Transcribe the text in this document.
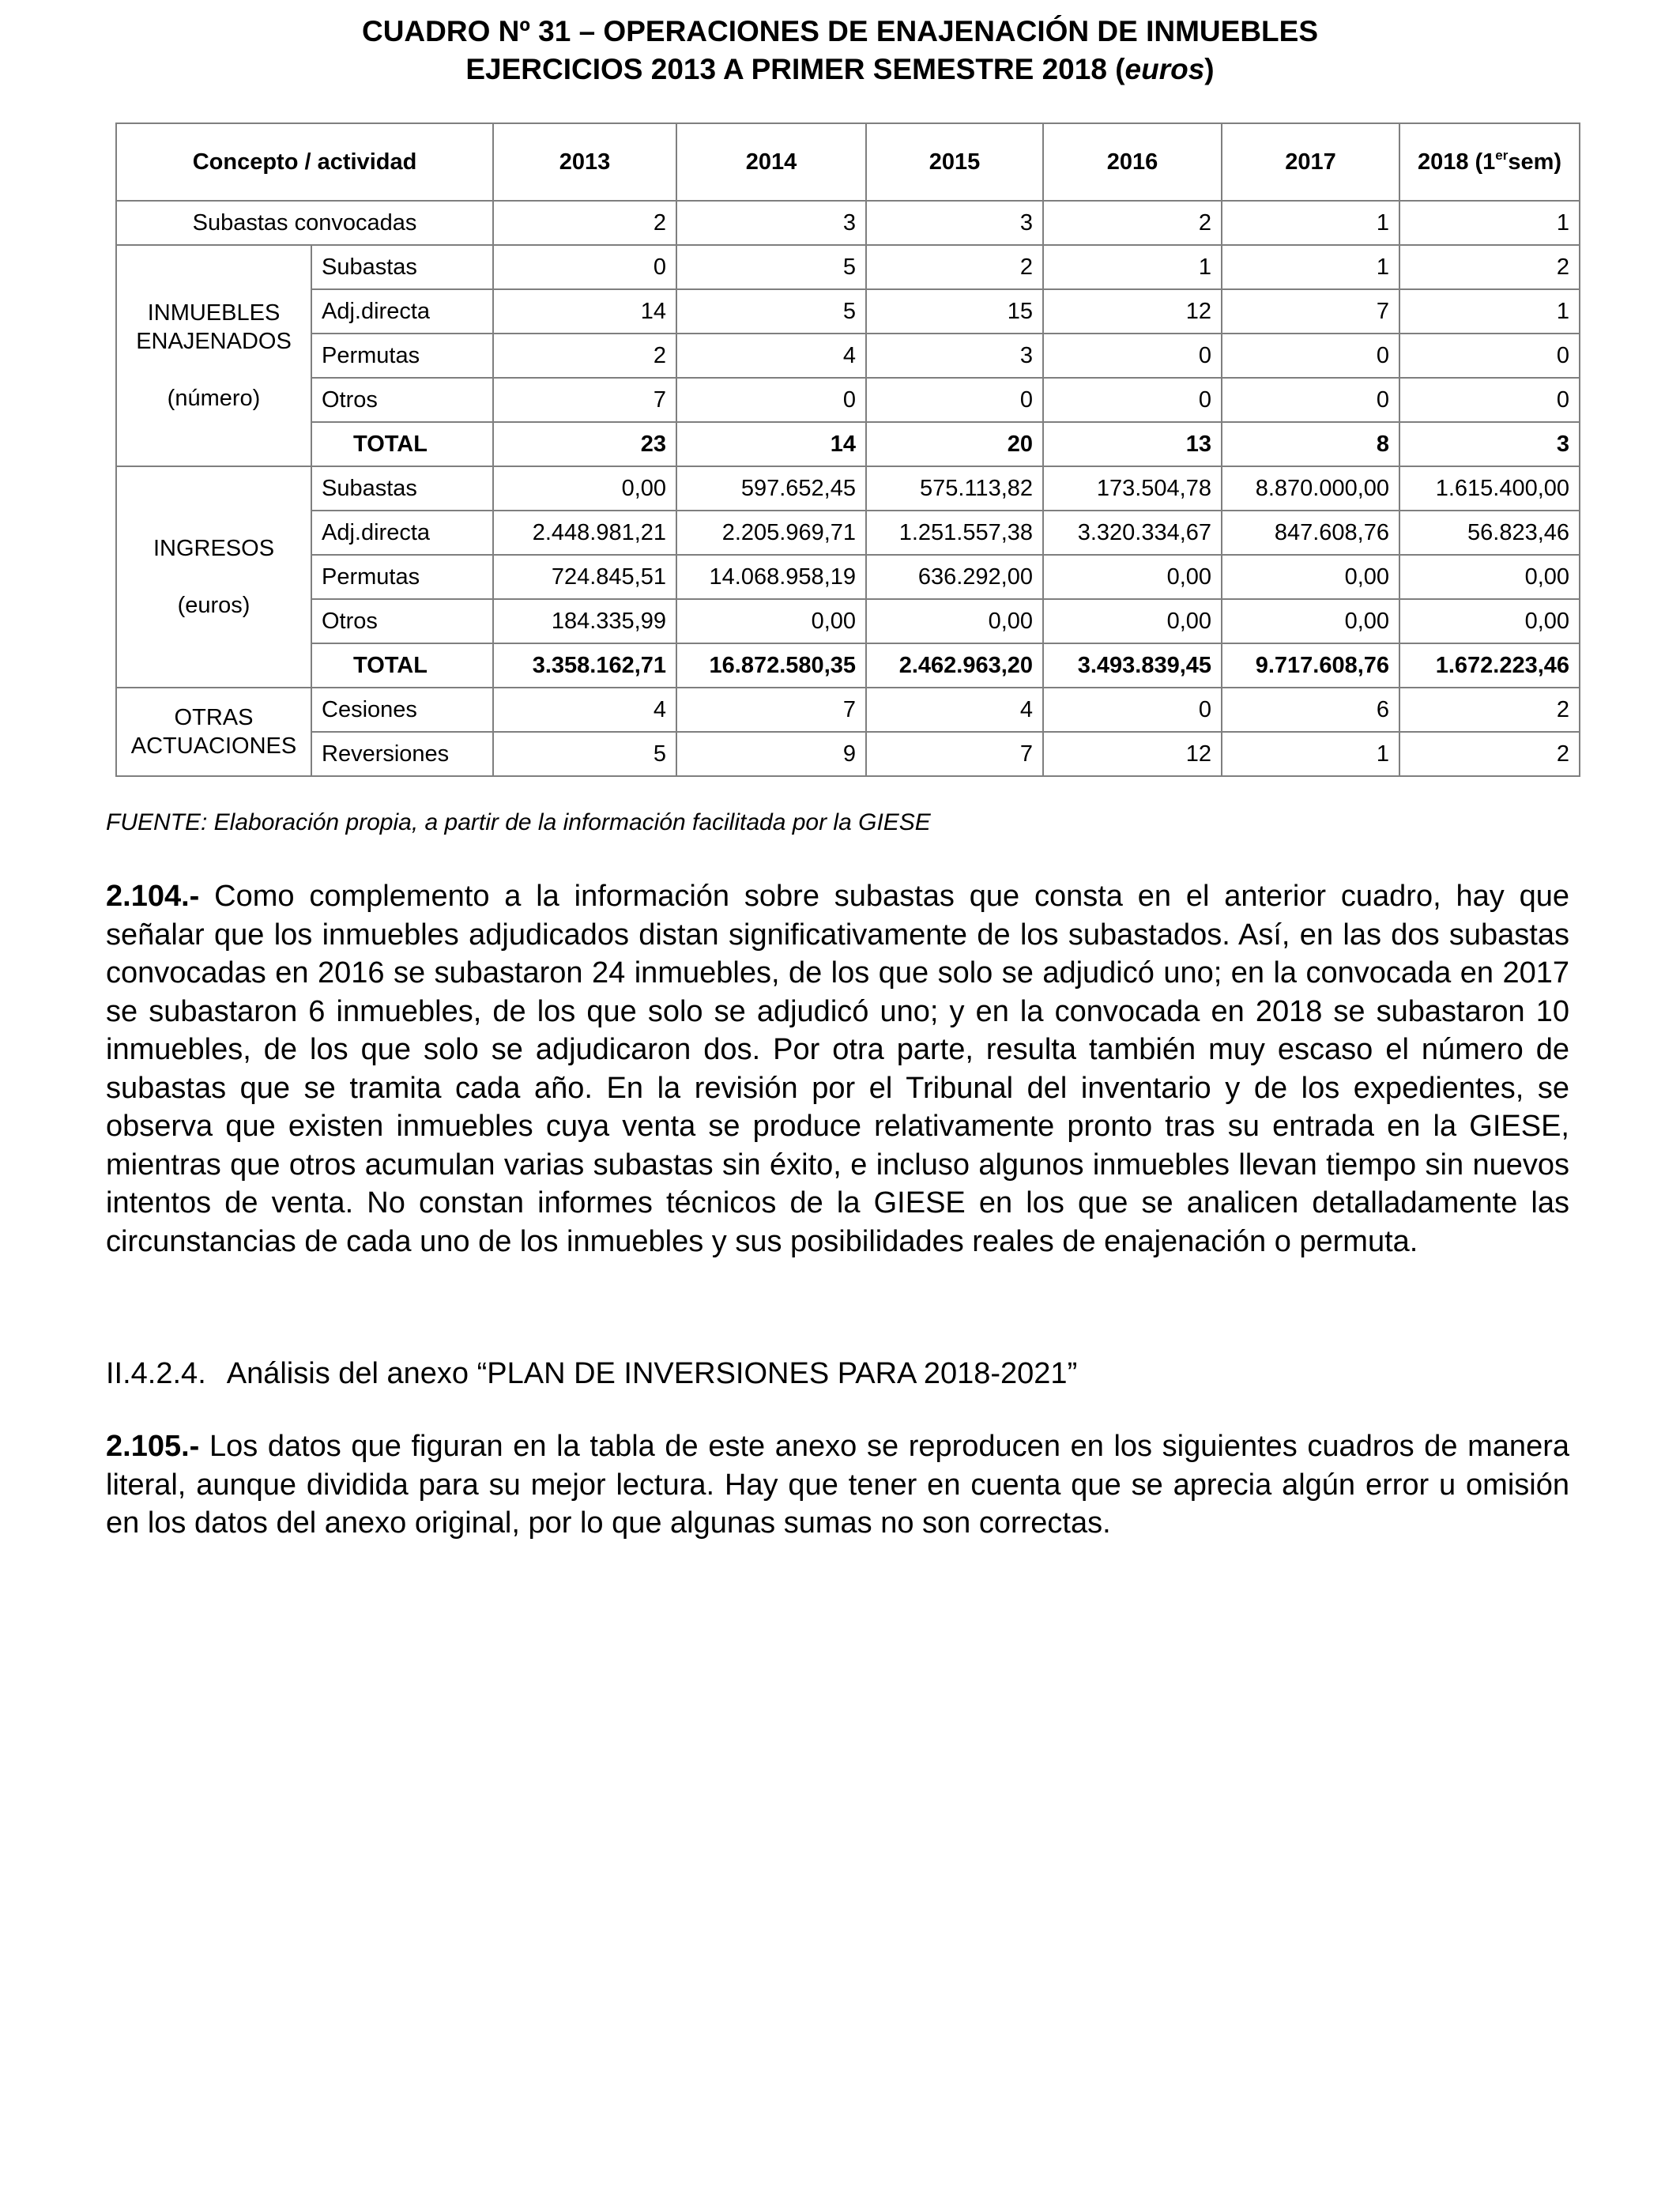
CUADRO Nº 31 – OPERACIONES DE ENAJENACIÓN DE INMUEBLES
EJERCICIOS 2013 A PRIMER SEMESTRE 2018 (euros)
Concepto / actividad		2013	2014	2015	2016	2017	2018 (1ersem)
Subastas convocadas		2	3	3	2	1	1

INMUEBLES
ENAJENADOS
(número)	Subastas	0	5	2	1	1	2
	Adj.directa	14	5	15	12	7	1
	Permutas	2	4	3	0	0	0
	Otros	7	0	0	0	0	0
	TOTAL	23	14	20	13	8	3

INGRESOS
(euros)	Subastas	0,00	597.652,45	575.113,82	173.504,78	8.870.000,00	1.615.400,00
	Adj.directa	2.448.981,21	2.205.969,71	1.251.557,38	3.320.334,67	847.608,76	56.823,46
	Permutas	724.845,51	14.068.958,19	636.292,00	0,00	0,00	0,00
	Otros	184.335,99	0,00	0,00	0,00	0,00	0,00
	TOTAL	3.358.162,71	16.872.580,35	2.462.963,20	3.493.839,45	9.717.608,76	1.672.223,46

OTRAS
ACTUACIONES	Cesiones	4	7	4	0	6	2
	Reversiones	5	9	7	12	1	2
FUENTE: Elaboración propia, a partir de la información facilitada por la GIESE

2.104.- Como complemento a la información sobre subastas que consta en el anterior cuadro, hay que señalar que los inmuebles adjudicados distan significativamente de los subastados. Así, en las dos subastas convocadas en 2016 se subastaron 24 inmuebles, de los que solo se adjudicó uno; en la convocada en 2017 se subastaron 6 inmuebles, de los que solo se adjudicó uno; y en la convocada en 2018 se subastaron 10 inmuebles, de los que solo se adjudicaron dos. Por otra parte, resulta también muy escaso el número de subastas que se tramita cada año. En la revisión por el Tribunal del inventario y de los expedientes, se observa que existen inmuebles cuya venta se produce relativamente pronto tras su entrada en la GIESE, mientras que otros acumulan varias subastas sin éxito, e incluso algunos inmuebles llevan tiempo sin nuevos intentos de venta. No constan informes técnicos de la GIESE en los que se analicen detalladamente las circunstancias de cada uno de los inmuebles y sus posibilidades reales de enajenación o permuta.

II.4.2.4. Análisis del anexo “PLAN DE INVERSIONES PARA 2018-2021”

2.105.- Los datos que figuran en la tabla de este anexo se reproducen en los siguientes cuadros de manera literal, aunque dividida para su mejor lectura. Hay que tener en cuenta que se aprecia algún error u omisión en los datos del anexo original, por lo que algunas sumas no son correctas.
